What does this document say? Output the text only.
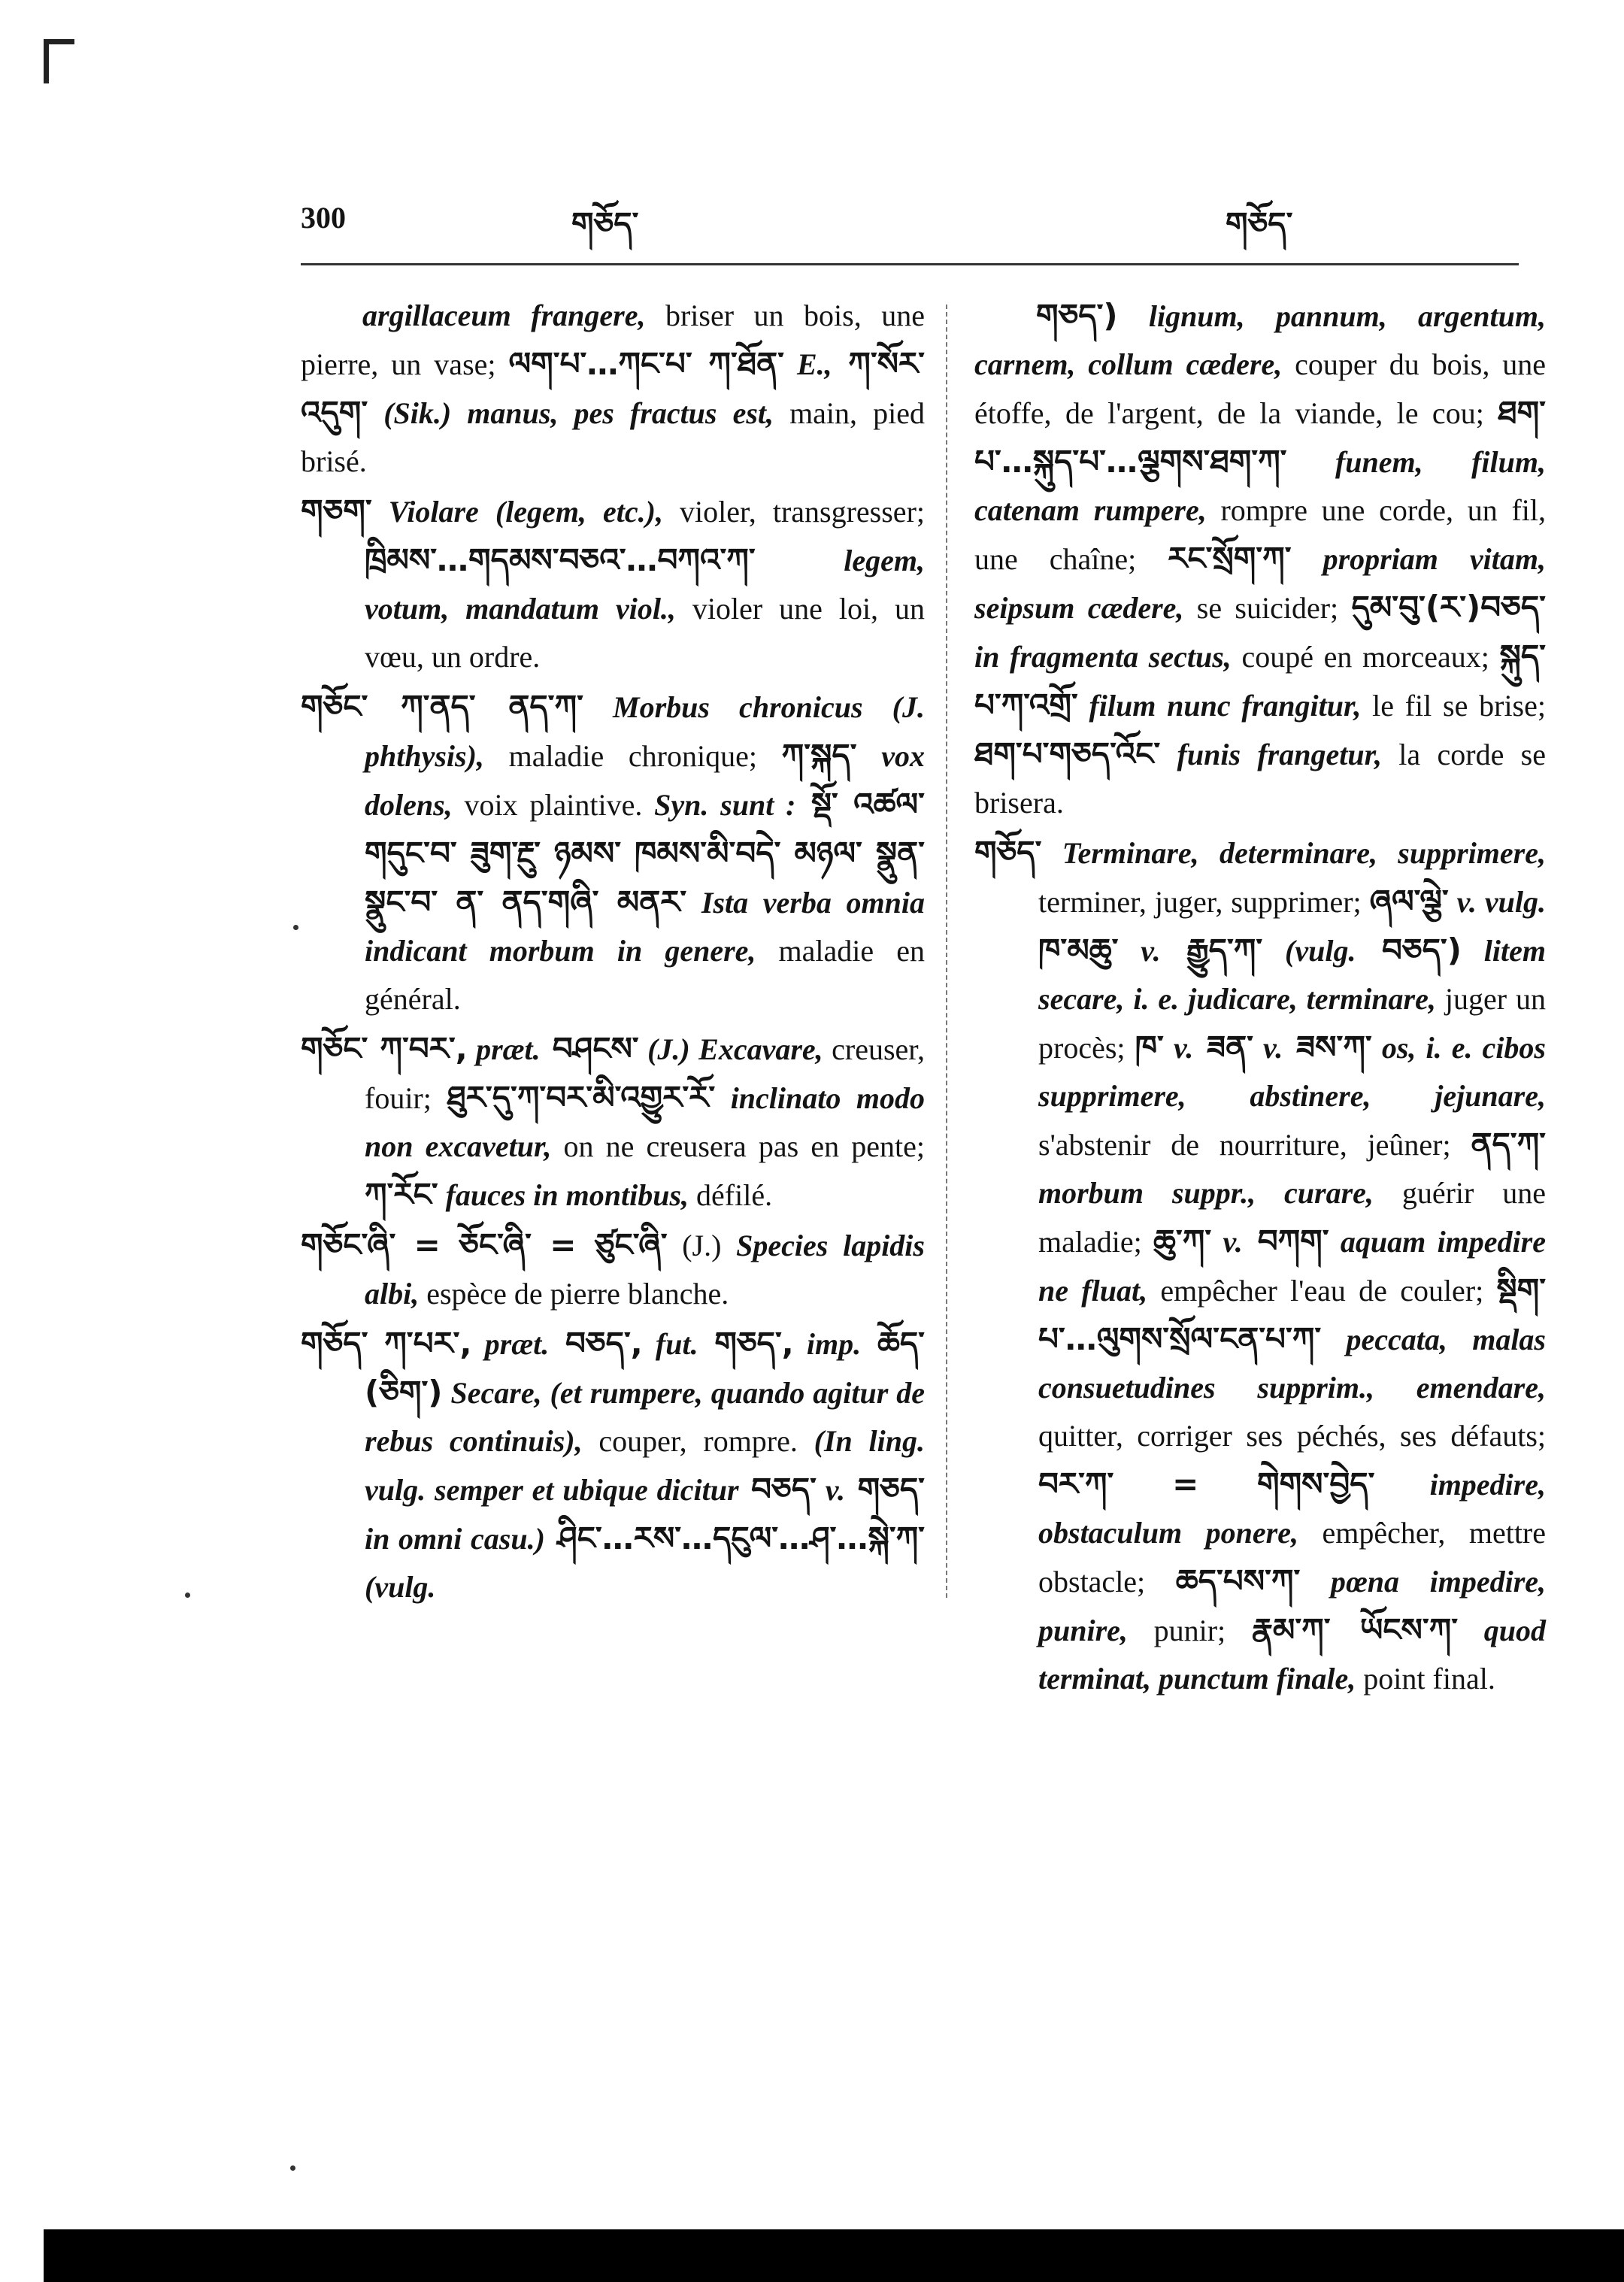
300	གཅོད་	གཅོད་

argillaceum frangere, briser un bois, une pierre, un vase; ལག་པ་…ཀང་པ་ ཀ་ཐོན་ E., ཀ་སོར་འདུག་ (Sik.) manus, pes fractus est, main, pied brisé.

གཅག་ Violare (legem, etc.), violer, transgresser; ཁྲིམས་…གདམས་བཅའ་…བཀའ་ཀ་ legem, votum, mandatum viol., violer une loi, un vœu, un ordre.

གཅོང་ ཀ་ནད་ ནད་ཀ་ Morbus chronicus (J. phthysis), maladie chronique; ཀ་སྐད་ vox dolens, voix plaintive. Syn. sunt : སྡོ་ འཚལ་ གདུང་བ་ ཟུག་རྔུ་ ཉམས་ ཁམས་མི་བདེ་ མཉལ་ སྣུན་ སྣུང་བ་ ན་ ནད་གཞི་ མནར་ Ista verba omnia indicant morbum in genere, maladie en général.

གཅོང་ ཀ་བར་, præt. བཤངས་ (J.) Excavare, creuser, fouir; ཐུར་དུ་ཀ་བར་མི་འགྱུར་རོ་ inclinato modo non excavetur, on ne creusera pas en pente; ཀ་རོང་ fauces in montibus, défilé.

གཅོང་ཞི་ = ཅོང་ཞི་ = ཙུང་ཞི་ (J.) Species lapidis albi, espèce de pierre blanche.

གཅོད་ ཀ་པར་, præt. བཅད་, fut. གཅད་, imp. ཆོད་ (ཅིག་) Secare, (et rumpere, quando agitur de rebus continuis), couper, rompre. (In ling. vulg. semper et ubique dicitur བཅད་ v. གཅད་ in omni casu.) ཤིང་…རས་…དངུལ་…ཤ་…སྐེ་ཀ་ (vulg.

གཅད་) lignum, pannum, argentum, carnem, collum cædere, couper du bois, une étoffe, de l'argent, de la viande, le cou; ཐག་པ་…སྐུད་པ་…ལྕགས་ཐག་ཀ་ funem, filum, catenam rumpere, rompre une corde, un fil, une chaîne; རང་སྲོག་ཀ་ propriam vitam, seipsum cædere, se suicider; དུམ་བུ་(ར་)བཅད་ in fragmenta sectus, coupé en morceaux; སྐུད་པ་ཀ་འགྲོ་ filum nunc frangitur, le fil se brise; ཐག་པ་གཅད་འོང་ funis frangetur, la corde se brisera.

གཅོད་ Terminare, determinare, supprimere, terminer, juger, supprimer; ཞལ་ལྕེ་ v. vulg. ཁ་མཆུ་ v. རྒྱུད་ཀ་ (vulg. བཅད་) litem secare, i. e. judicare, terminare, juger un procès; ཁ་ v. ཟན་ v. ཟས་ཀ་ os, i. e. cibos supprimere, abstinere, jejunare, s'abstenir de nourriture, jeûner; ནད་ཀ་ morbum suppr., curare, guérir une maladie; ཆུ་ཀ་ v. བཀག་ aquam impedire ne fluat, empêcher l'eau de couler; སྡིག་པ་…ལུགས་སྲོལ་ངན་པ་ཀ་ peccata, malas consuetudines supprim., emendare, quitter, corriger ses péchés, ses défauts; བར་ཀ་ = གེགས་བྱེད་ impedire, obstaculum ponere, empêcher, mettre obstacle; ཆད་པས་ཀ་ pœna impedire, punire, punir; རྣམ་ཀ་ ཡོངས་ཀ་ quod terminat, punctum finale, point final.
